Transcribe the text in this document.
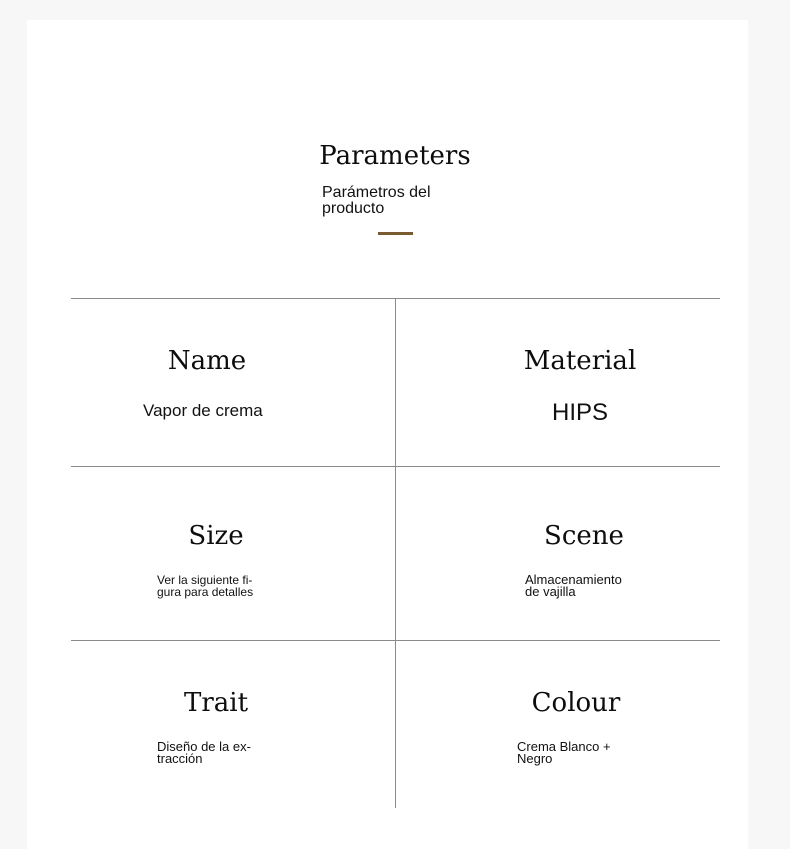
Parameters
Parámetros del
producto
Name
Vapor de crema
Material
HIPS
Size
Ver la siguiente fi-
gura para detalles
Scene
Almacenamiento
de vajilla
Trait
Diseño de la ex-
tracción
Colour
Crema Blanco +
Negro
